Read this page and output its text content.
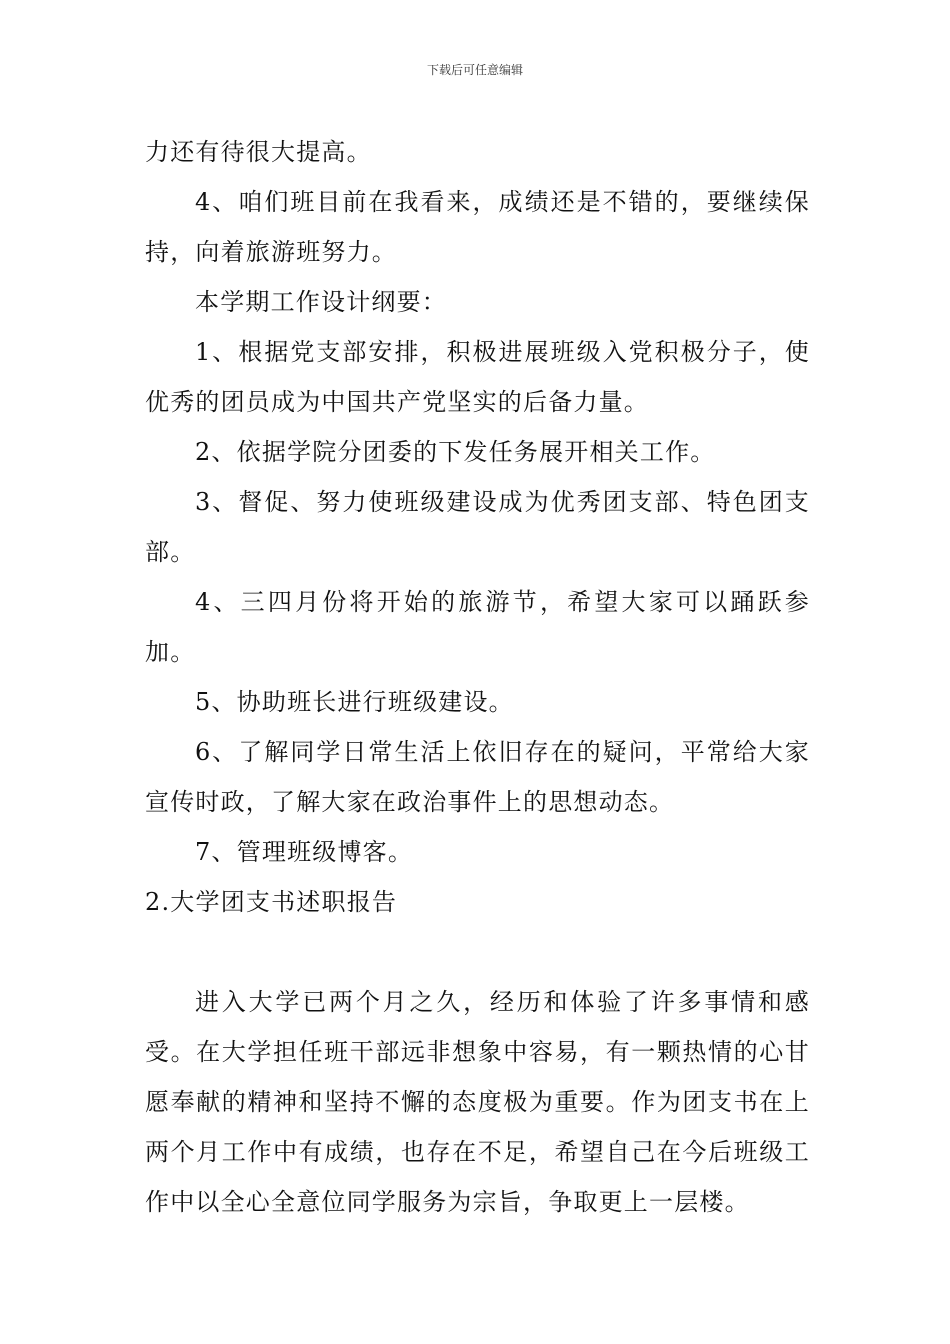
下载后可任意编辑

力还有待很大提高。

4、咱们班目前在我看来，成绩还是不错的，要继续保持，向着旅游班努力。

本学期工作设计纲要：

1、根据党支部安排，积极进展班级入党积极分子，使优秀的团员成为中国共产党坚实的后备力量。

2、依据学院分团委的下发任务展开相关工作。

3、督促、努力使班级建设成为优秀团支部、特色团支部。

4、三四月份将开始的旅游节，希望大家可以踊跃参加。

5、协助班长进行班级建设。

6、了解同学日常生活上依旧存在的疑问，平常给大家宣传时政，了解大家在政治事件上的思想动态。

7、管理班级博客。

2.大学团支书述职报告

进入大学已两个月之久，经历和体验了许多事情和感受。在大学担任班干部远非想象中容易，有一颗热情的心甘愿奉献的精神和坚持不懈的态度极为重要。作为团支书在上两个月工作中有成绩，也存在不足，希望自己在今后班级工作中以全心全意位同学服务为宗旨，争取更上一层楼。
